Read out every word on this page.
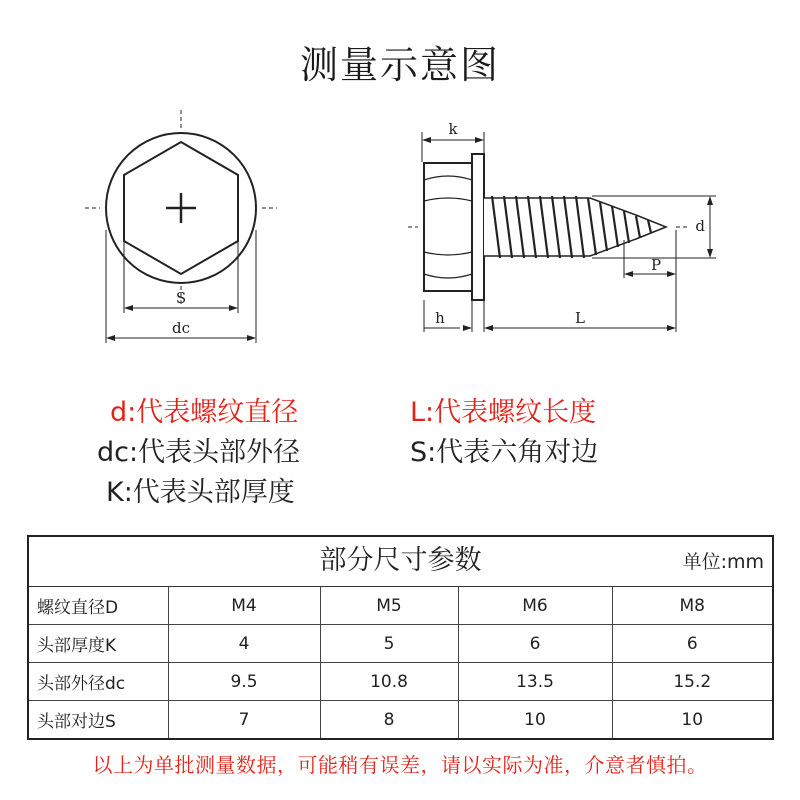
测量示意图
S
dc
k
d
P
h	L
d:代表螺纹直径	L:代表螺纹长度
dc:代表头部外径	S:代表六角对边
K:代表头部厚度
部分尺寸参数	单位:mm
螺纹直径D	M4	M5	M6	M8
头部厚度K	4	5	6	6
头部外径dc	9.5	10.8	13.5	15.2
头部对边S	7	8	10	10
以上为单批测量数据，可能稍有误差，请以实际为准，介意者慎拍。
